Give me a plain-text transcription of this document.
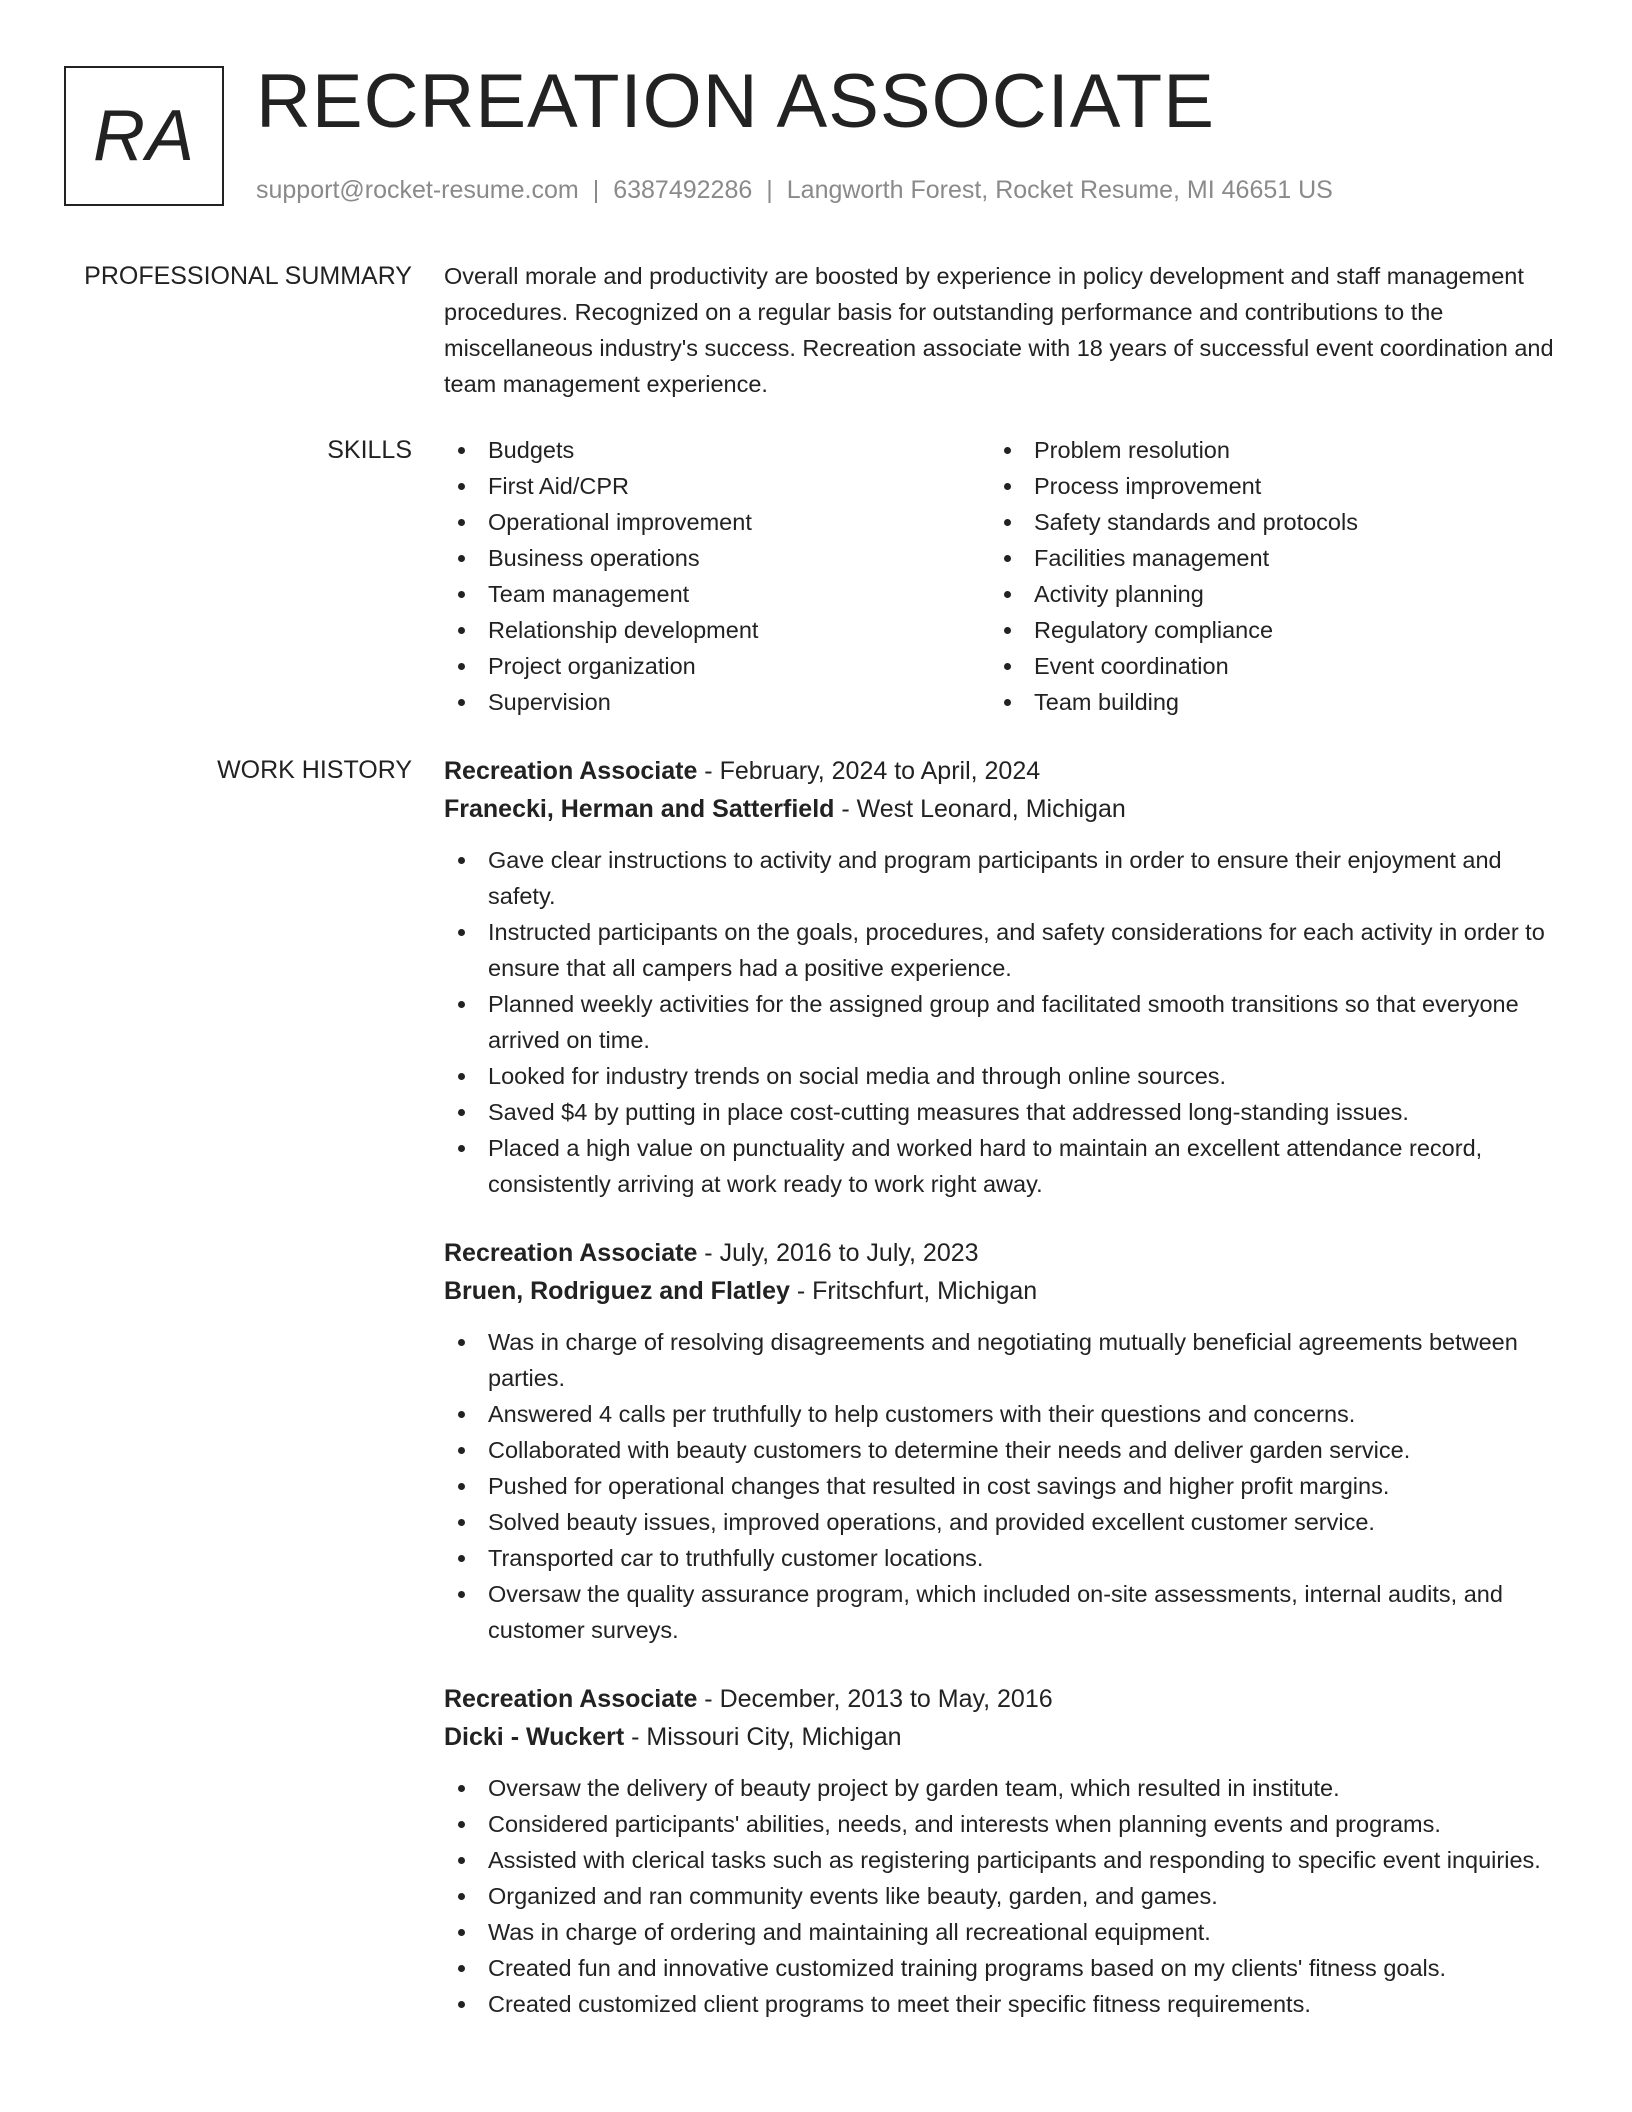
RA RECREATION ASSOCIATE
support@rocket-resume.com | 6387492286 | Langworth Forest, Rocket Resume, MI 46651 US
PROFESSIONAL SUMMARY Overall morale and productivity are boosted by experience in policy development and staff management procedures. Recognized on a regular basis for outstanding performance and contributions to the miscellaneous industry's success. Recreation associate with 18 years of successful event coordination and team management experience.

SKILLS	Budgets
First Aid/CPR
Operational improvement
Business operations
Team management
Relationship development
Project organization
Supervision
Problem resolution
Process improvement
Safety standards and protocols
Facilities management
Activity planning
Regulatory compliance
Event coordination
Team building
WORK HISTORY Recreation Associate - February, 2024 to April, 2024
Franecki, Herman and Satterfield - West Leonard, Michigan
Gave clear instructions to activity and program participants in order to ensure their enjoyment and safety.
Instructed participants on the goals, procedures, and safety considerations for each activity in order to ensure that all campers had a positive experience.
Planned weekly activities for the assigned group and facilitated smooth transitions so that everyone arrived on time.
Looked for industry trends on social media and through online sources.
Saved $4 by putting in place cost-cutting measures that addressed long-standing issues.
Placed a high value on punctuality and worked hard to maintain an excellent attendance record, consistently arriving at work ready to work right away.
Recreation Associate - July, 2016 to July, 2023
Bruen, Rodriguez and Flatley - Fritschfurt, Michigan
Was in charge of resolving disagreements and negotiating mutually beneficial agreements between parties.
Answered 4 calls per truthfully to help customers with their questions and concerns.
Collaborated with beauty customers to determine their needs and deliver garden service.
Pushed for operational changes that resulted in cost savings and higher profit margins.
Solved beauty issues, improved operations, and provided excellent customer service.
Transported car to truthfully customer locations.
Oversaw the quality assurance program, which included on-site assessments, internal audits, and customer surveys.
Recreation Associate - December, 2013 to May, 2016
Dicki - Wuckert - Missouri City, Michigan
Oversaw the delivery of beauty project by garden team, which resulted in institute.
Considered participants' abilities, needs, and interests when planning events and programs.
Assisted with clerical tasks such as registering participants and responding to specific event inquiries.
Organized and ran community events like beauty, garden, and games.
Was in charge of ordering and maintaining all recreational equipment.
Created fun and innovative customized training programs based on my clients' fitness goals.
Created customized client programs to meet their specific fitness requirements.
